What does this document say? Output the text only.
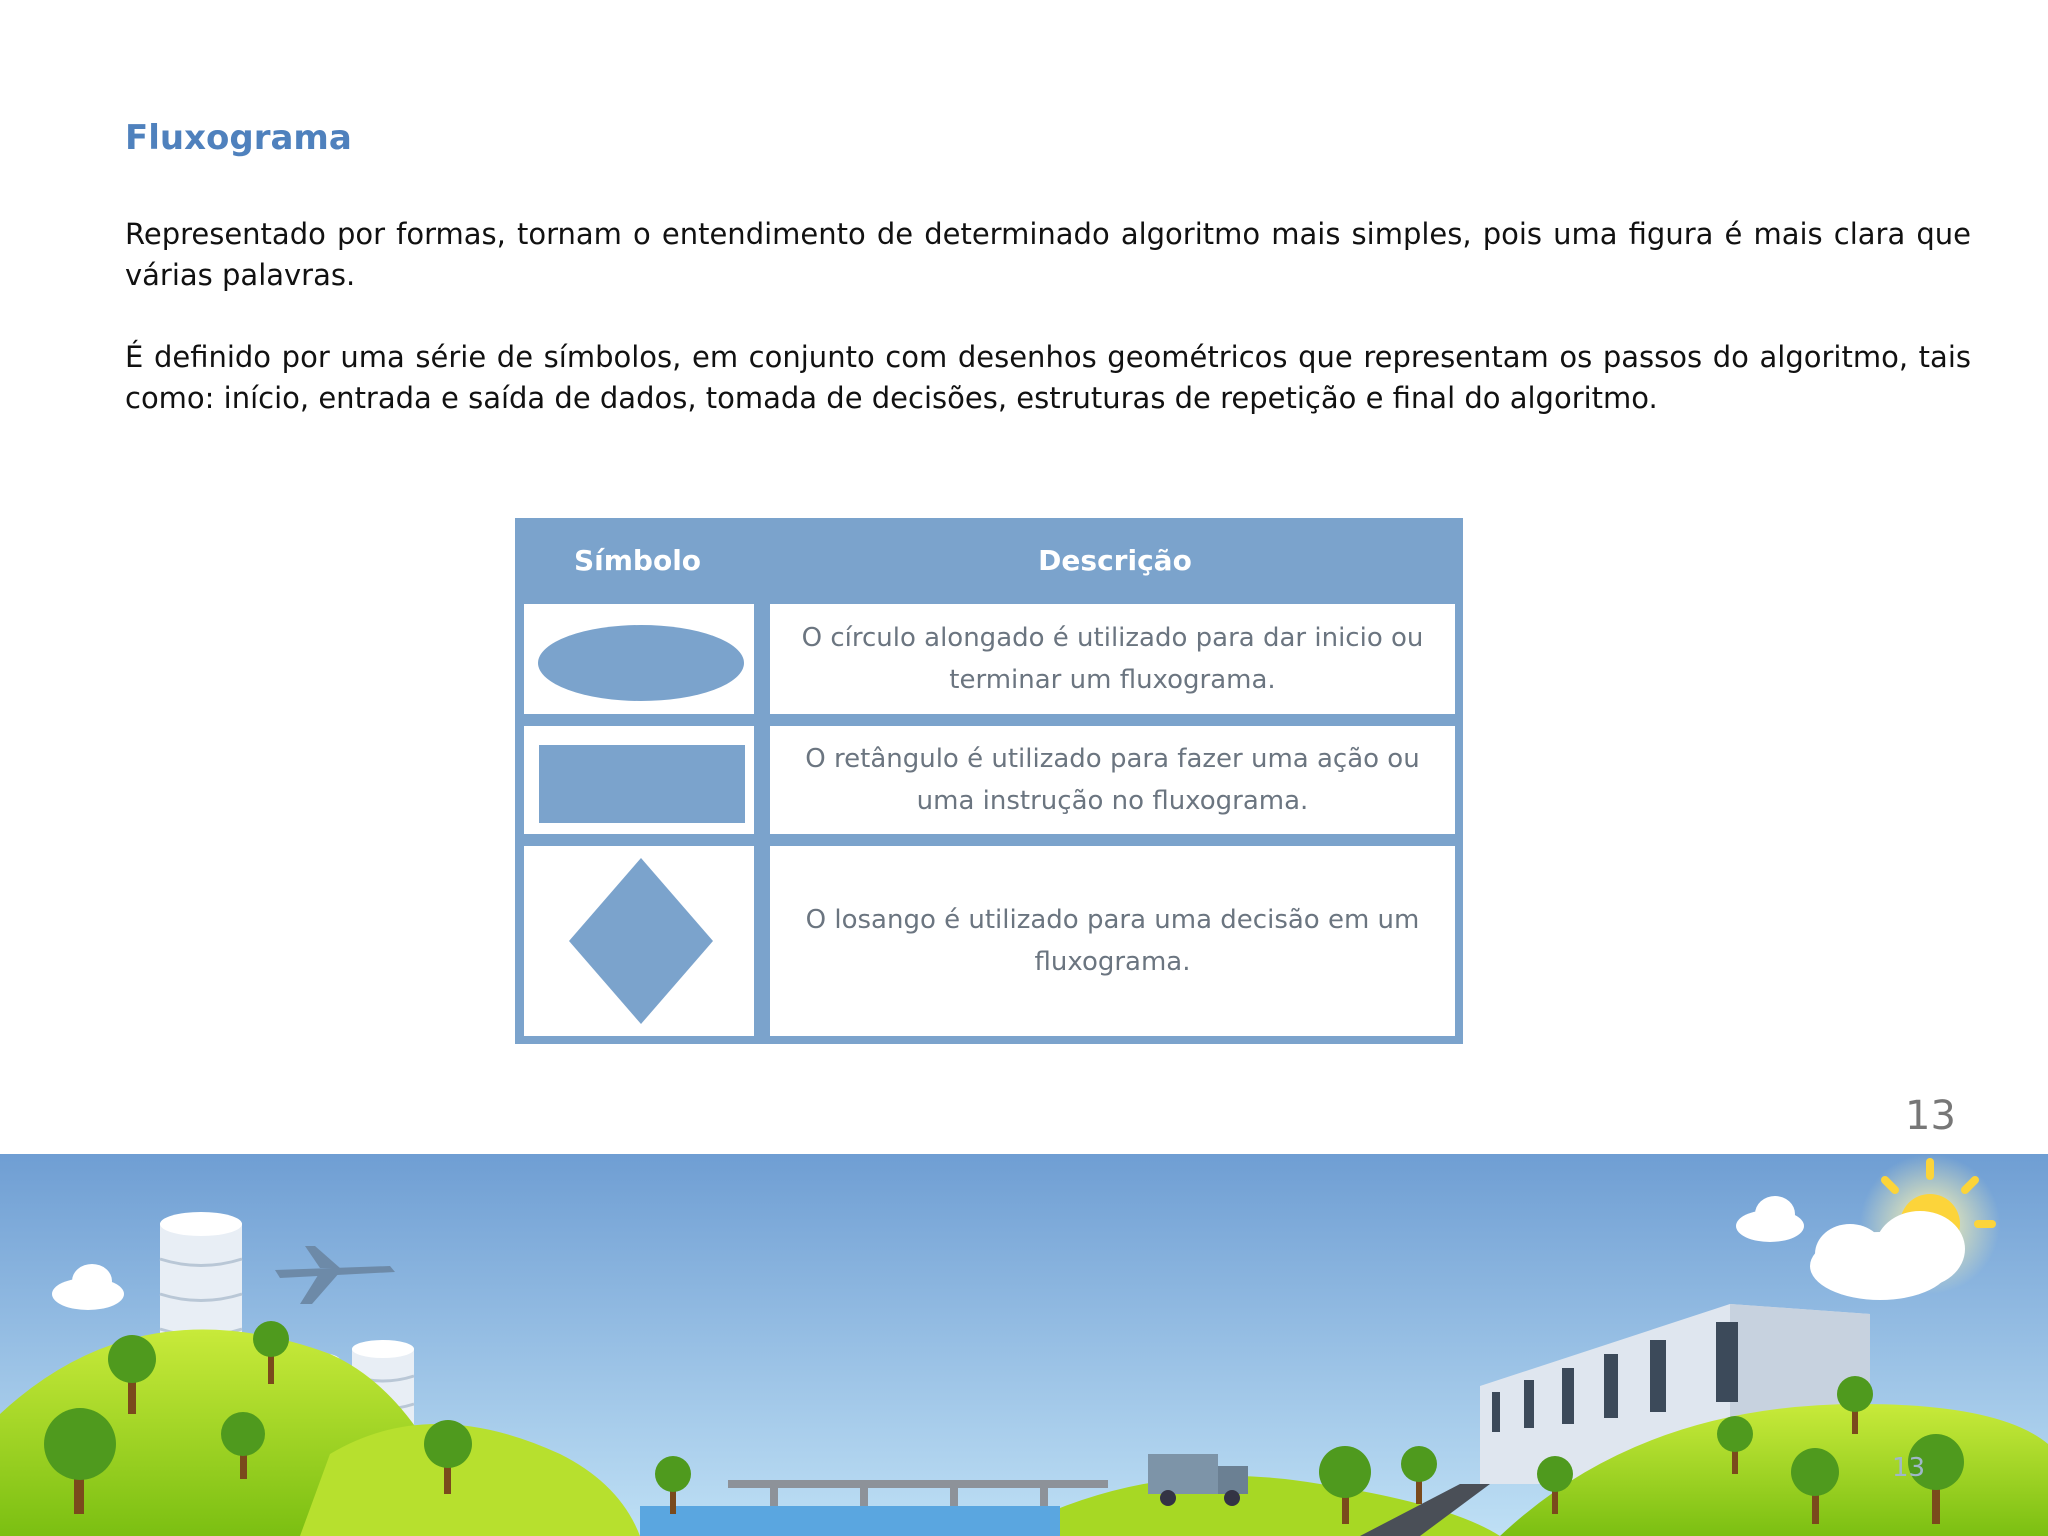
Fluxograma
Representado por formas, tornam o entendimento de determinado algoritmo mais simples, pois uma figura é mais clara que várias palavras.
É definido por uma série de símbolos, em conjunto com desenhos geométricos que representam os passos do algoritmo, tais como: início, entrada e saída de dados, tomada de decisões, estruturas de repetição e final do algoritmo.
Símbolo	Descrição
O círculo alongado é utilizado para dar inicio ou terminar um fluxograma.
O retângulo é utilizado para fazer uma ação ou uma instrução no fluxograma.
O losango é utilizado para uma decisão em um fluxograma.
13
13
